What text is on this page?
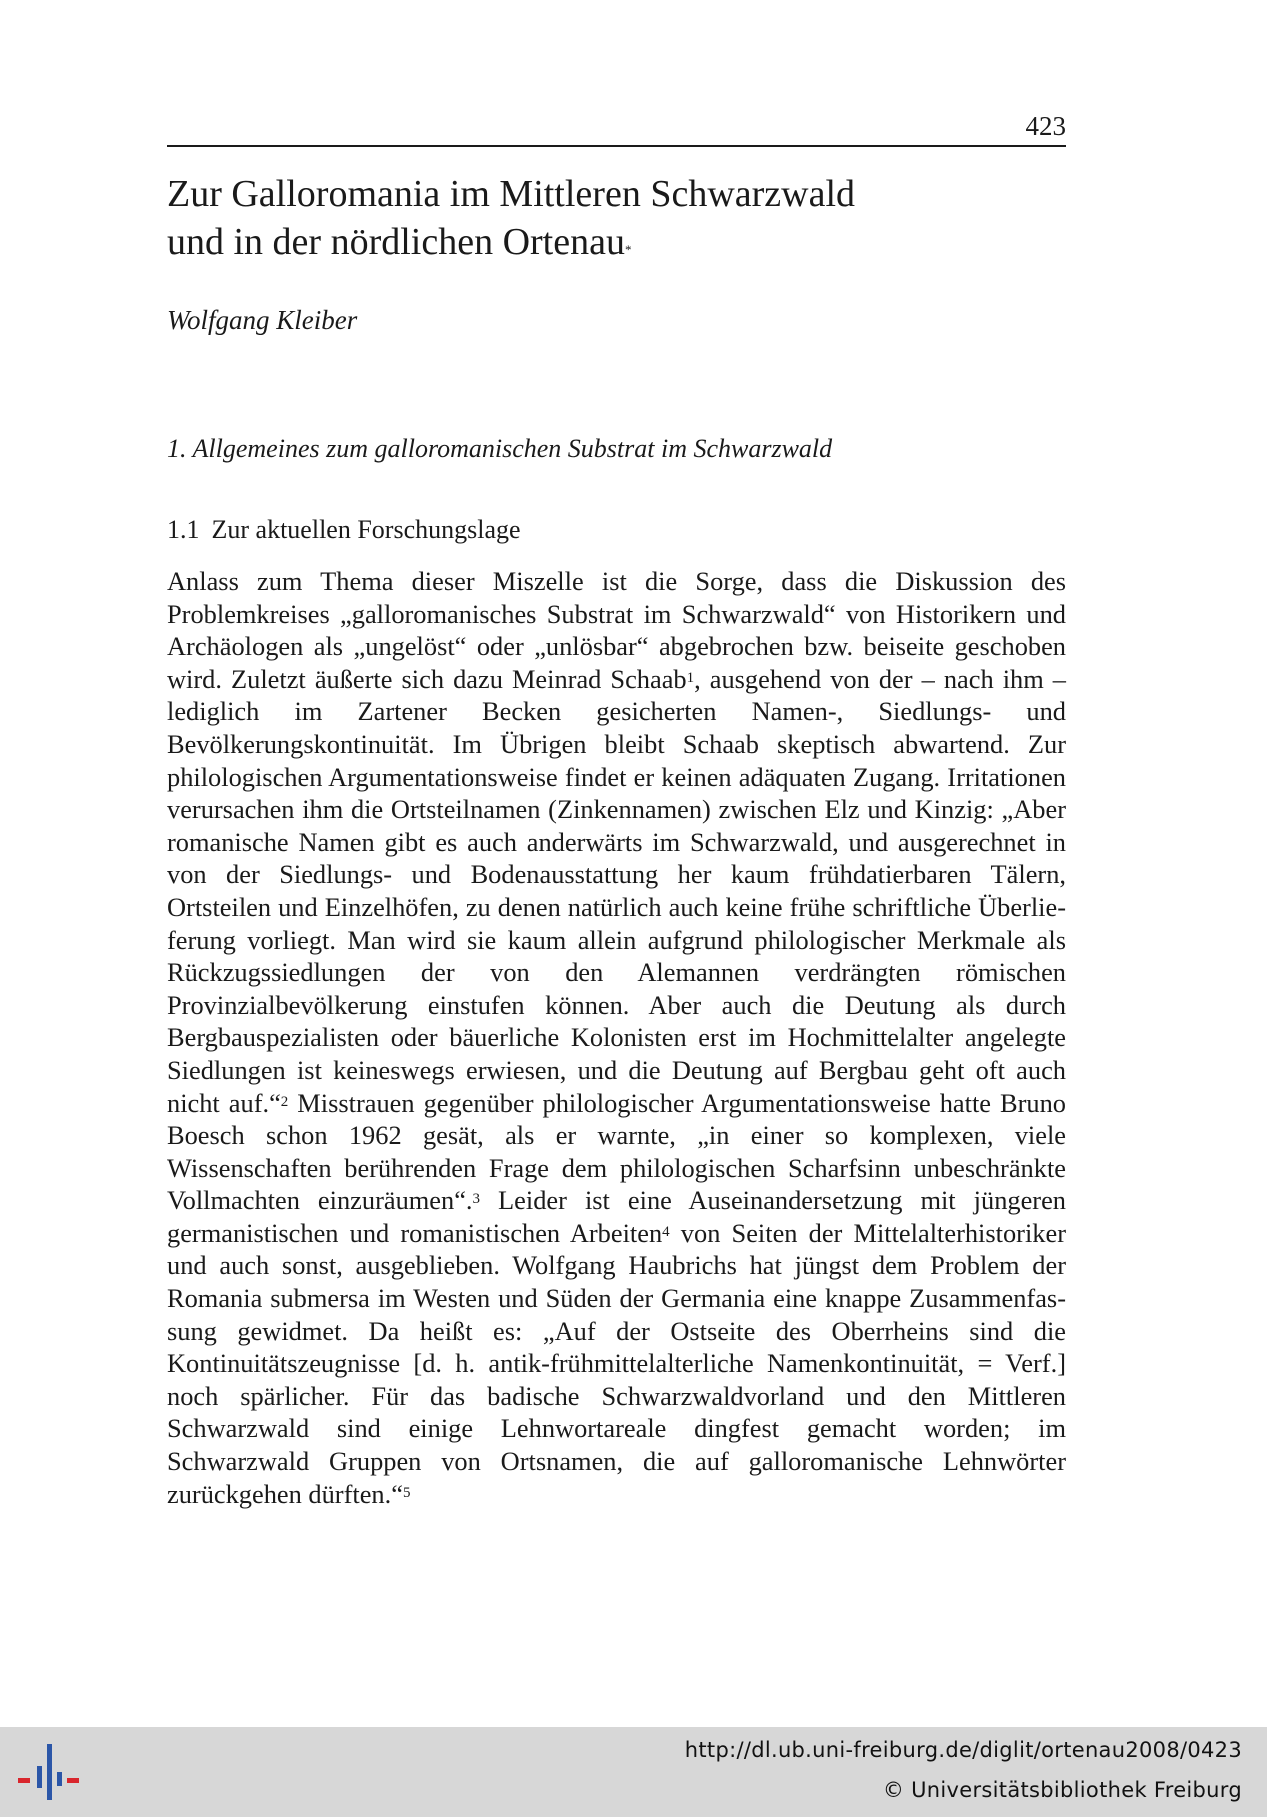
423
Zur Galloromania im Mittleren Schwarzwald
und in der nördlichen Ortenau*
Wolfgang Kleiber
1. Allgemeines zum galloromanischen Substrat im Schwarzwald
1.1 Zur aktuellen Forschungslage

Anlass zum Thema dieser Miszelle ist die Sorge, dass die Diskussion des Problemkreises „galloromanisches Substrat im Schwarzwald“ von Historikern und Archäologen als „ungelöst“ oder „unlösbar“ abgebrochen bzw. beiseite geschoben wird. Zuletzt äußerte sich dazu Meinrad Schaab$^1$, ausgehend von der – nach ihm – lediglich im Zartener Becken gesicherten Namen-, Siedlungs- und Bevölkerungskontinuität. Im Übrigen bleibt Schaab skeptisch abwartend. Zur philologischen Argumentationsweise findet er keinen adäquaten Zugang. Irritationen verursachen ihm die Ortsteilnamen (Zinkennamen) zwischen Elz und Kinzig: „Aber romanische Namen gibt es auch anderwärts im Schwarzwald, und ausgerechnet in von der Siedlungs- und Bodenausstattung her kaum frühdatierbaren Tälern, Ortsteilen und Einzelhöfen, zu denen natürlich auch keine frühe schriftliche Überlieferung vorliegt. Man wird sie kaum allein aufgrund philologischer Merkmale als Rückzugssiedlungen der von den Alemannen verdrängten römischen Provinzialbevölkerung einstufen können. Aber auch die Deutung als durch Bergbauspezialisten oder bäuerliche Kolonisten erst im Hochmittelalter angelegte Siedlungen ist keineswegs erwiesen, und die Deutung auf Bergbau geht oft auch nicht auf.“$^2$ Misstrauen gegenüber philologischer Argumentationsweise hatte Bruno Boesch schon 1962 gesät, als er warnte, „in einer so komplexen, viele Wissenschaften berührenden Frage dem philologischen Scharfsinn unbeschränkte Vollmachten einzuräumen“.$^3$ Leider ist eine Auseinandersetzung mit jüngeren germanistischen und romanistischen Arbeiten$^4$ von Seiten der Mittelalterhistoriker und auch sonst, ausgeblieben. Wolfgang Haubrichs hat jüngst dem Problem der Romania submersa im Westen und Süden der Germania eine knappe Zusammenfassung gewidmet. Da heißt es: „Auf der Ostseite des Oberrheins sind die Kontinuitätszeugnisse [d. h. antik-frühmittelalterliche Namenkontinuität, = Verf.] noch spärlicher. Für das badische Schwarzwaldvorland und den Mittleren Schwarzwald sind einige Lehnwortareale dingfest gemacht worden; im Schwarzwald Gruppen von Ortsnamen, die auf galloromanische Lehnwörter zurückgehen dürften.“$^5$

http://dl.ub.uni-freiburg.de/diglit/ortenau2008/0423
© Universitätsbibliothek Freiburg
